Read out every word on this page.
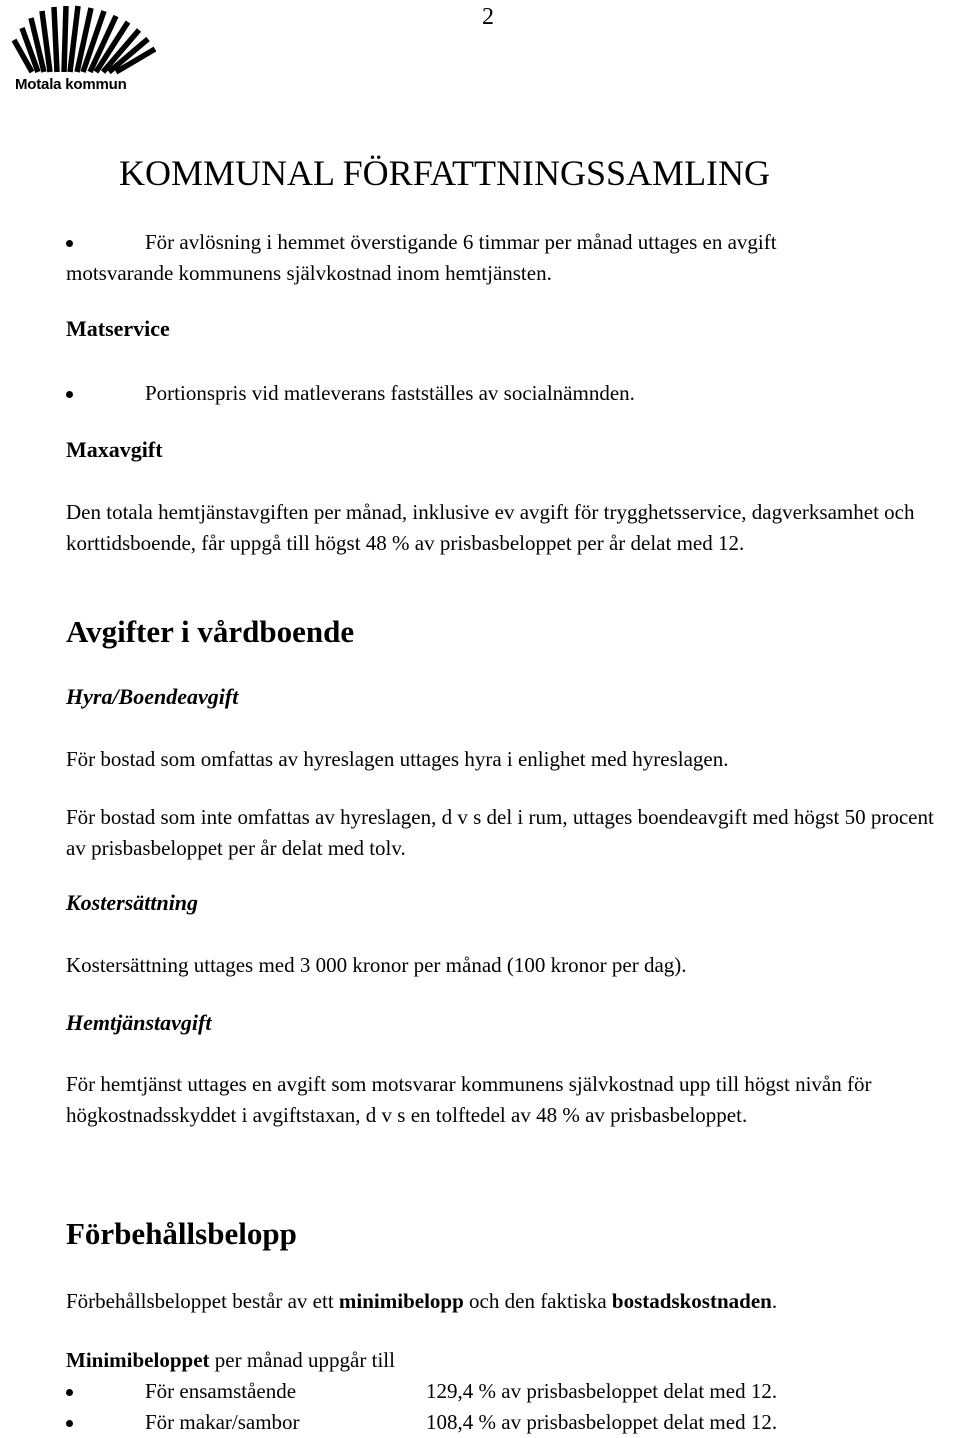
Motala kommun
2
KOMMUNAL FÖRFATTNINGSSAMLING
För avlösning i hemmet överstigande 6 timmar per månad uttages en avgift
motsvarande kommunens självkostnad inom hemtjänsten.
Matservice
Portionspris vid matleverans fastställes av socialnämnden.
Maxavgift
Den totala hemtjänstavgiften per månad, inklusive ev avgift för trygghetsservice, dagverksamhet och korttidsboende, får uppgå till högst 48 % av prisbasbeloppet per år delat med 12.
Avgifter i vårdboende
Hyra/Boendeavgift
För bostad som omfattas av hyreslagen uttages hyra i enlighet med hyreslagen.
För bostad som inte omfattas av hyreslagen, d v s del i rum, uttages boendeavgift med högst 50 procent av prisbasbeloppet per år delat med tolv.
Kostersättning
Kostersättning uttages med 3 000 kronor per månad (100 kronor per dag).
Hemtjänstavgift
För hemtjänst uttages en avgift som motsvarar kommunens självkostnad upp till högst nivån för högkostnadsskyddet i avgiftstaxan, d v s en tolftedel av 48 % av prisbasbeloppet.
Förbehållsbelopp
Förbehållsbeloppet består av ett minimibelopp och den faktiska bostadskostnaden.
Minimibeloppet per månad uppgår till
För ensamstående	129,4 % av prisbasbeloppet delat med 12.
För makar/sambor	108,4 % av prisbasbeloppet delat med 12.
